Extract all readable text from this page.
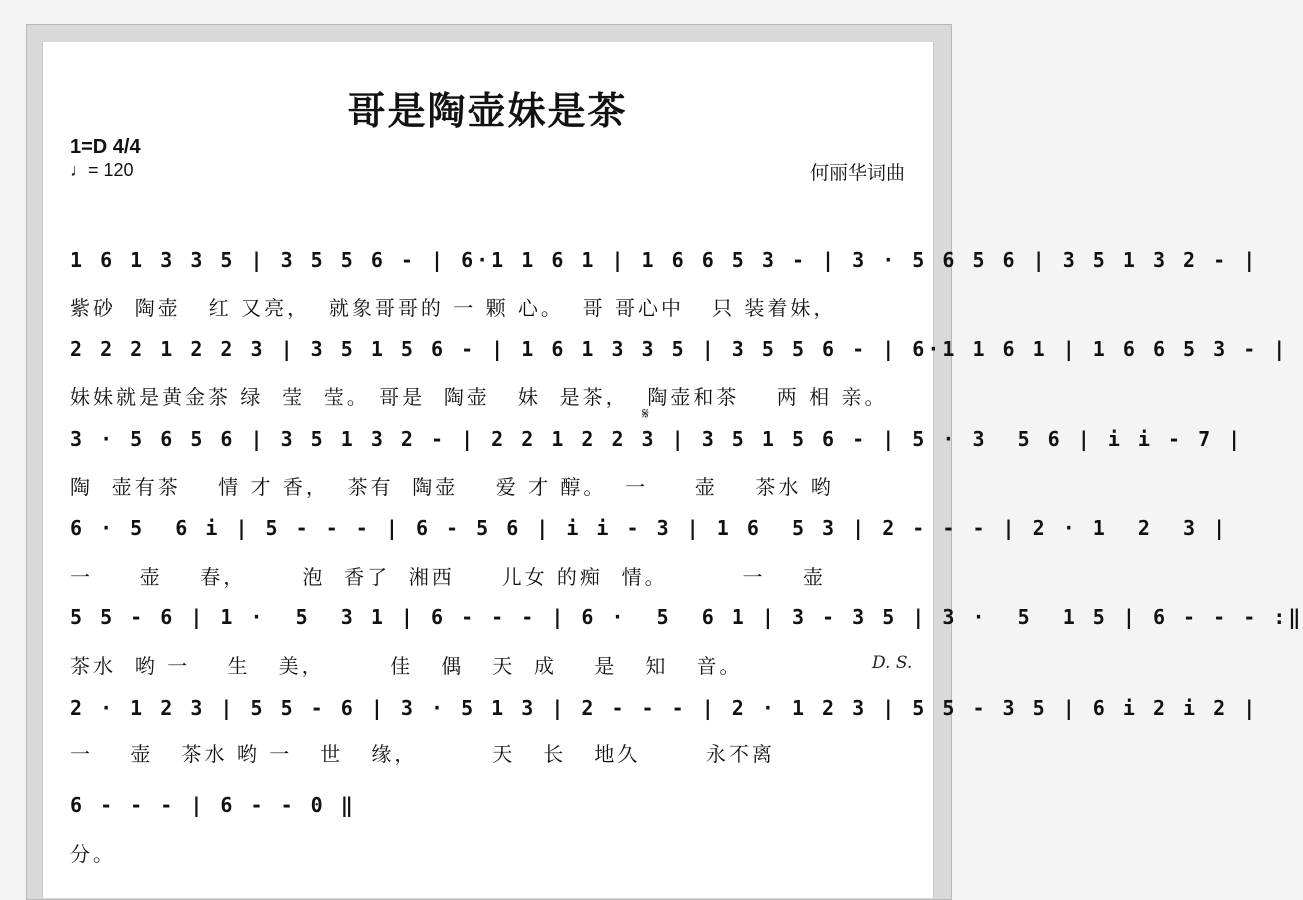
哥是陶壶妹是茶
1=D 4/4
♩= 120	何丽华词曲
1 6 1 3 3 5 | 3 5 5 6 - | 6·1 1 6 1 | 1 6 6 5 3 - | 3 · 5 6 5 6 | 3 5 1 3 2 - |
紫砂  陶壶   红 又亮，  就象哥哥的 一 颗 心。  哥 哥心中   只 装着妹，
2 2 2 1 2 2 3 | 3 5 1 5 6 - | 1 6 1 3 3 5 | 3 5 5 6 - | 6·1 1 6 1 | 1 6 6 5 3 - |
妹妹就是黄金茶 绿  莹  莹。 哥是  陶壶   妹  是茶，  陶壶和茶    两 相 亲。
𝄋
3 · 5 6 5 6 | 3 5 1 3 2 - | 2 2 1 2 2 3 | 3 5 1 5 6 - | 5 · 3  5 6 | i i - 7 |
陶  壶有茶    情 才 香，  茶有  陶壶    爱 才 醇。  一     壶    茶水 哟
6 · 5  6 i | 5 - - - | 6 - 5 6 | i i - 3 | 1 6  5 3 | 2 - - - | 2 · 1  2  3 |
一     壶    春，      泡  香了  湘西     儿女 的痴  情。        一    壶
5 5 - 6 | 1 ·  5  3 1 | 6 - - - | 6 ·  5  6 1 | 3 - 3 5 | 3 ·  5  1 5 | 6 - - - :‖
茶水  哟 一    生   美，       佳   偶   天  成    是   知   音。	D. S.
2 · 1 2 3 | 5 5 - 6 | 3 · 5 1 3 | 2 - - - | 2 · 1 2 3 | 5 5 - 3 5 | 6 i 2 i 2 |
一    壶   茶水 哟 一   世   缘，        天   长   地久       永不离
6 - - - | 6 - - 0 ‖
分。
